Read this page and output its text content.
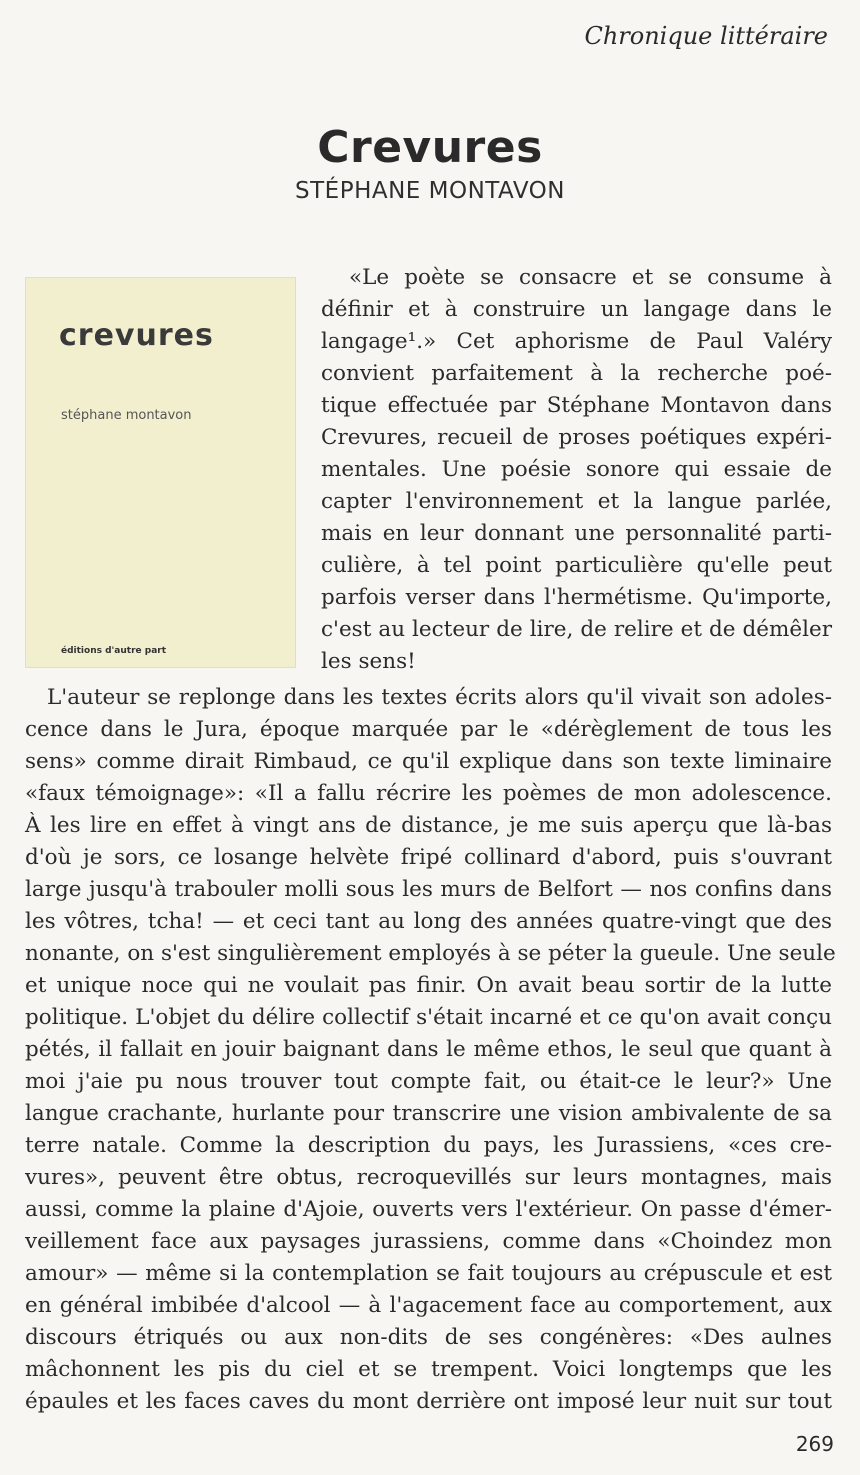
Chronique littéraire
Crevures
STÉPHANE MONTAVON
crevures
stéphane montavon
éditions d'autre part
«Le poète se consacre et se consume à
définir et à construire un langage dans le
langage¹.» Cet aphorisme de Paul Valéry
convient parfaitement à la recherche poé-
tique effectuée par Stéphane Montavon dans
Crevures, recueil de proses poétiques expéri-
mentales. Une poésie sonore qui essaie de
capter l'environnement et la langue parlée,
mais en leur donnant une personnalité parti-
culière, à tel point particulière qu'elle peut
parfois verser dans l'hermétisme. Qu'importe,
c'est au lecteur de lire, de relire et de démêler
les sens!
L'auteur se replonge dans les textes écrits alors qu'il vivait son adoles-
cence dans le Jura, époque marquée par le «dérèglement de tous les
sens» comme dirait Rimbaud, ce qu'il explique dans son texte liminaire
«faux témoignage»: «Il a fallu récrire les poèmes de mon adolescence.
À les lire en effet à vingt ans de distance, je me suis aperçu que là-bas
d'où je sors, ce losange helvète fripé collinard d'abord, puis s'ouvrant
large jusqu'à trabouler molli sous les murs de Belfort — nos confins dans
les vôtres, tcha! — et ceci tant au long des années quatre-vingt que des
nonante, on s'est singulièrement employés à se péter la gueule. Une seule
et unique noce qui ne voulait pas finir. On avait beau sortir de la lutte
politique. L'objet du délire collectif s'était incarné et ce qu'on avait conçu
pétés, il fallait en jouir baignant dans le même ethos, le seul que quant à
moi j'aie pu nous trouver tout compte fait, ou était-ce le leur?» Une
langue crachante, hurlante pour transcrire une vision ambivalente de sa
terre natale. Comme la description du pays, les Jurassiens, «ces cre-
vures», peuvent être obtus, recroquevillés sur leurs montagnes, mais
aussi, comme la plaine d'Ajoie, ouverts vers l'extérieur. On passe d'émer-
veillement face aux paysages jurassiens, comme dans «Choindez mon
amour» — même si la contemplation se fait toujours au crépuscule et est
en général imbibée d'alcool — à l'agacement face au comportement, aux
discours étriqués ou aux non-dits de ses congénères: «Des aulnes
mâchonnent les pis du ciel et se trempent. Voici longtemps que les
épaules et les faces caves du mont derrière ont imposé leur nuit sur tout
269
